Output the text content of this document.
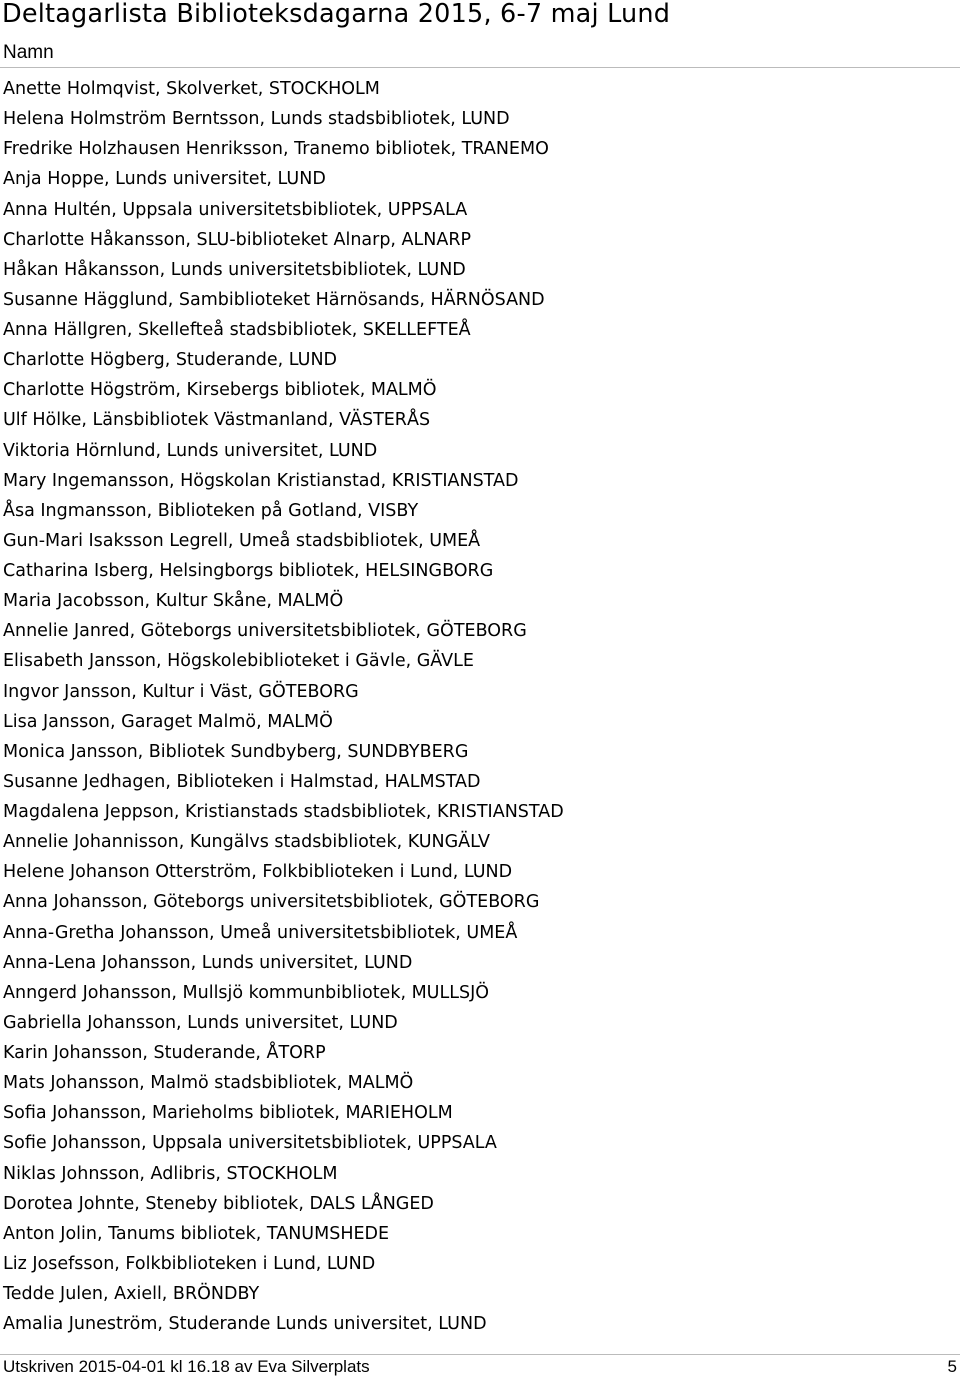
Deltagarlista Biblioteksdagarna 2015, 6-7 maj Lund
Namn
Anette Holmqvist, Skolverket, STOCKHOLM
Helena Holmström Berntsson, Lunds stadsbibliotek, LUND
Fredrike Holzhausen Henriksson, Tranemo bibliotek, TRANEMO
Anja Hoppe, Lunds universitet, LUND
Anna Hultén, Uppsala universitetsbibliotek, UPPSALA
Charlotte Håkansson, SLU-biblioteket Alnarp, ALNARP
Håkan Håkansson, Lunds universitetsbibliotek, LUND
Susanne Hägglund, Sambiblioteket Härnösands, HÄRNÖSAND
Anna Hällgren, Skellefteå stadsbibliotek, SKELLEFTEÅ
Charlotte Högberg, Studerande, LUND
Charlotte Högström, Kirsebergs bibliotek, MALMÖ
Ulf Hölke, Länsbibliotek Västmanland, VÄSTERÅS
Viktoria Hörnlund, Lunds universitet, LUND
Mary Ingemansson, Högskolan Kristianstad, KRISTIANSTAD
Åsa Ingmansson, Biblioteken på Gotland, VISBY
Gun-Mari Isaksson Legrell, Umeå stadsbibliotek, UMEÅ
Catharina Isberg, Helsingborgs bibliotek, HELSINGBORG
Maria Jacobsson, Kultur Skåne, MALMÖ
Annelie Janred, Göteborgs universitetsbibliotek, GÖTEBORG
Elisabeth Jansson, Högskolebiblioteket i Gävle, GÄVLE
Ingvor Jansson, Kultur i Väst, GÖTEBORG
Lisa Jansson, Garaget Malmö, MALMÖ
Monica Jansson, Bibliotek Sundbyberg, SUNDBYBERG
Susanne Jedhagen, Biblioteken i Halmstad, HALMSTAD
Magdalena Jeppson, Kristianstads stadsbibliotek, KRISTIANSTAD
Annelie Johannisson, Kungälvs stadsbibliotek, KUNGÄLV
Helene Johanson Otterström, Folkbiblioteken i Lund, LUND
Anna Johansson, Göteborgs universitetsbibliotek, GÖTEBORG
Anna-Gretha Johansson, Umeå universitetsbibliotek, UMEÅ
Anna-Lena Johansson, Lunds universitet, LUND
Anngerd Johansson, Mullsjö kommunbibliotek, MULLSJÖ
Gabriella Johansson, Lunds universitet, LUND
Karin Johansson, Studerande, ÅTORP
Mats Johansson, Malmö stadsbibliotek, MALMÖ
Sofia Johansson, Marieholms bibliotek, MARIEHOLM
Sofie Johansson, Uppsala universitetsbibliotek, UPPSALA
Niklas Johnsson, Adlibris, STOCKHOLM
Dorotea Johnte, Steneby bibliotek, DALS LÅNGED
Anton Jolin, Tanums bibliotek, TANUMSHEDE
Liz Josefsson, Folkbiblioteken i Lund, LUND
Tedde Julen, Axiell, BRÖNDBY
Amalia Juneström, Studerande Lunds universitet, LUND
Utskriven 2015-04-01 kl 16.18 av Eva Silverplats	5
